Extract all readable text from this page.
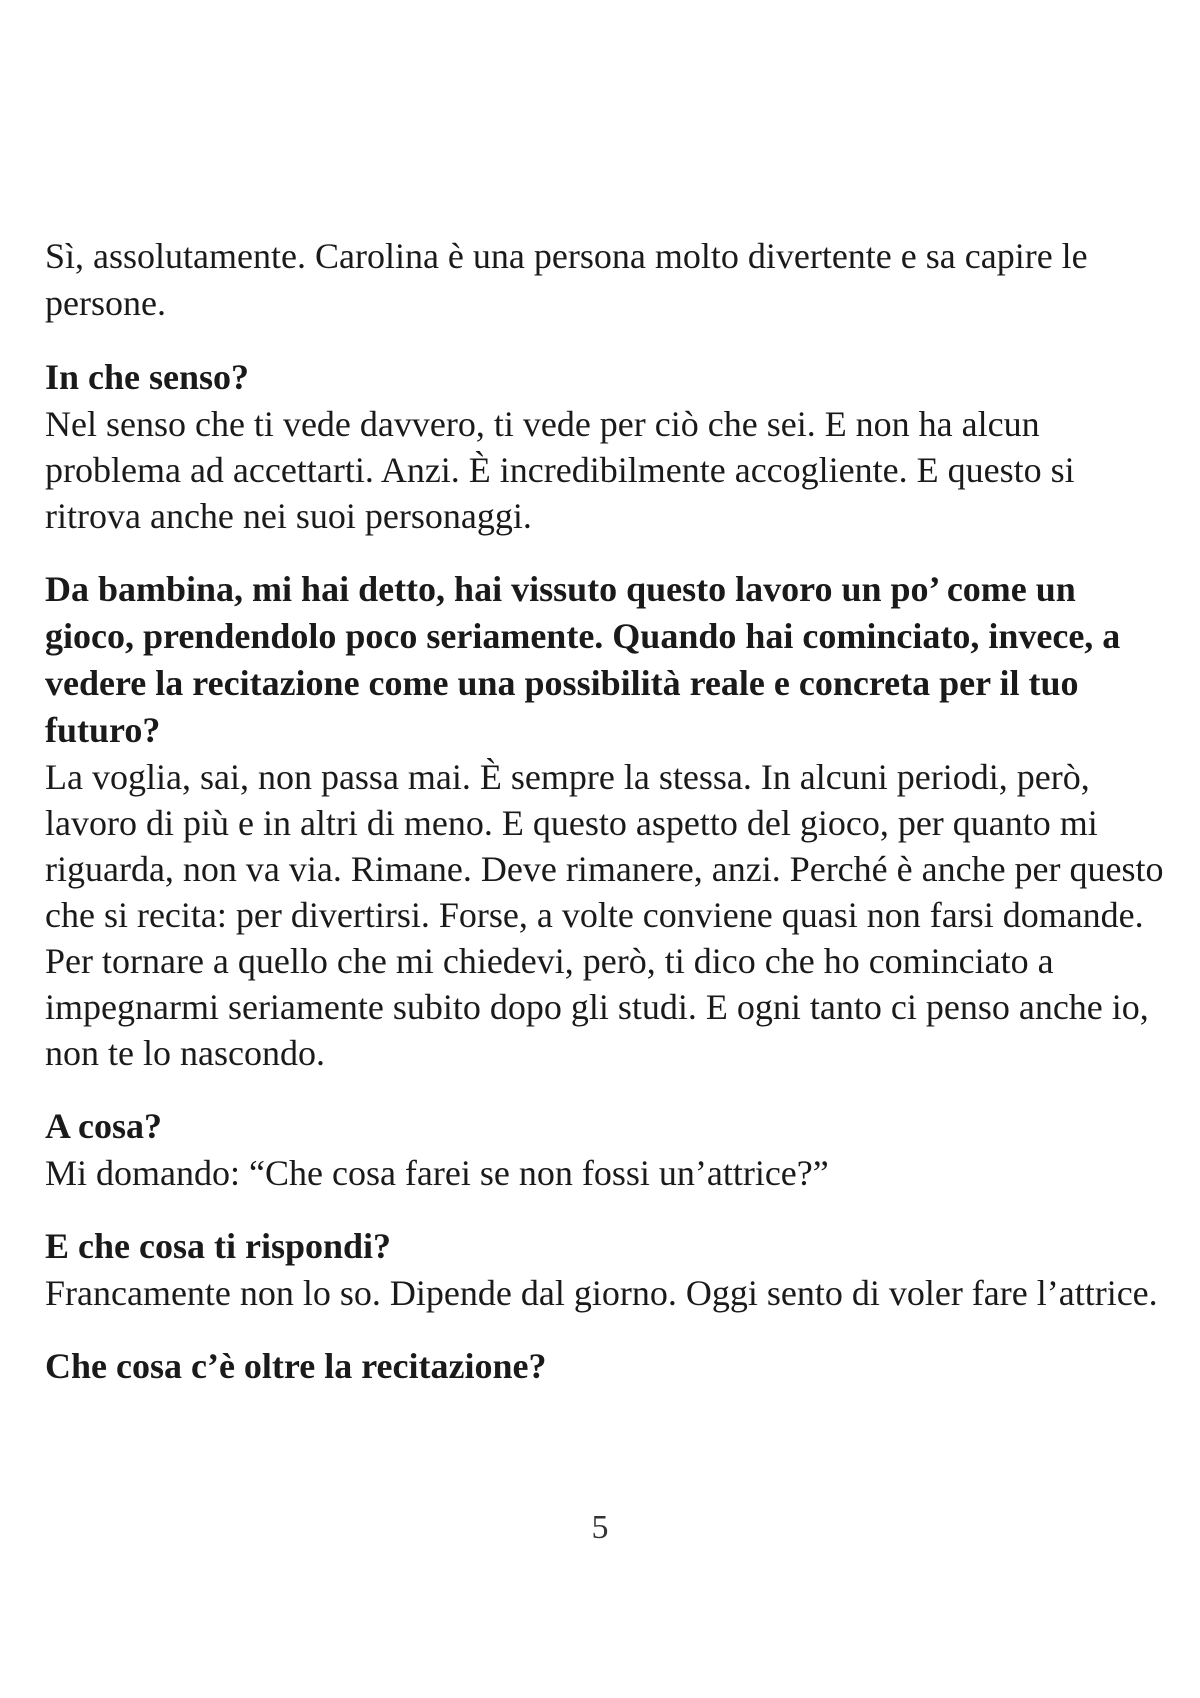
Sì, assolutamente. Carolina è una persona molto divertente e sa capire le persone.

In che senso?

Nel senso che ti vede davvero, ti vede per ciò che sei. E non ha alcun problema ad accettarti. Anzi. È incredibilmente accogliente. E questo si ritrova anche nei suoi personaggi.

Da bambina, mi hai detto, hai vissuto questo lavoro un po’ come un gioco, prendendolo poco seriamente. Quando hai cominciato, invece, a vedere la recitazione come una possibilità reale e concreta per il tuo futuro?

La voglia, sai, non passa mai. È sempre la stessa. In alcuni periodi, però, lavoro di più e in altri di meno. E questo aspetto del gioco, per quanto mi riguarda, non va via. Rimane. Deve rimanere, anzi. Perché è anche per questo che si recita: per divertirsi. Forse, a volte conviene quasi non farsi domande. Per tornare a quello che mi chiedevi, però, ti dico che ho cominciato a impegnarmi seriamente subito dopo gli studi. E ogni tanto ci penso anche io, non te lo nascondo.

A cosa?

Mi domando: “Che cosa farei se non fossi un’attrice?”

E che cosa ti rispondi?

Francamente non lo so. Dipende dal giorno. Oggi sento di voler fare l’attrice.

Che cosa c’è oltre la recitazione?

5
